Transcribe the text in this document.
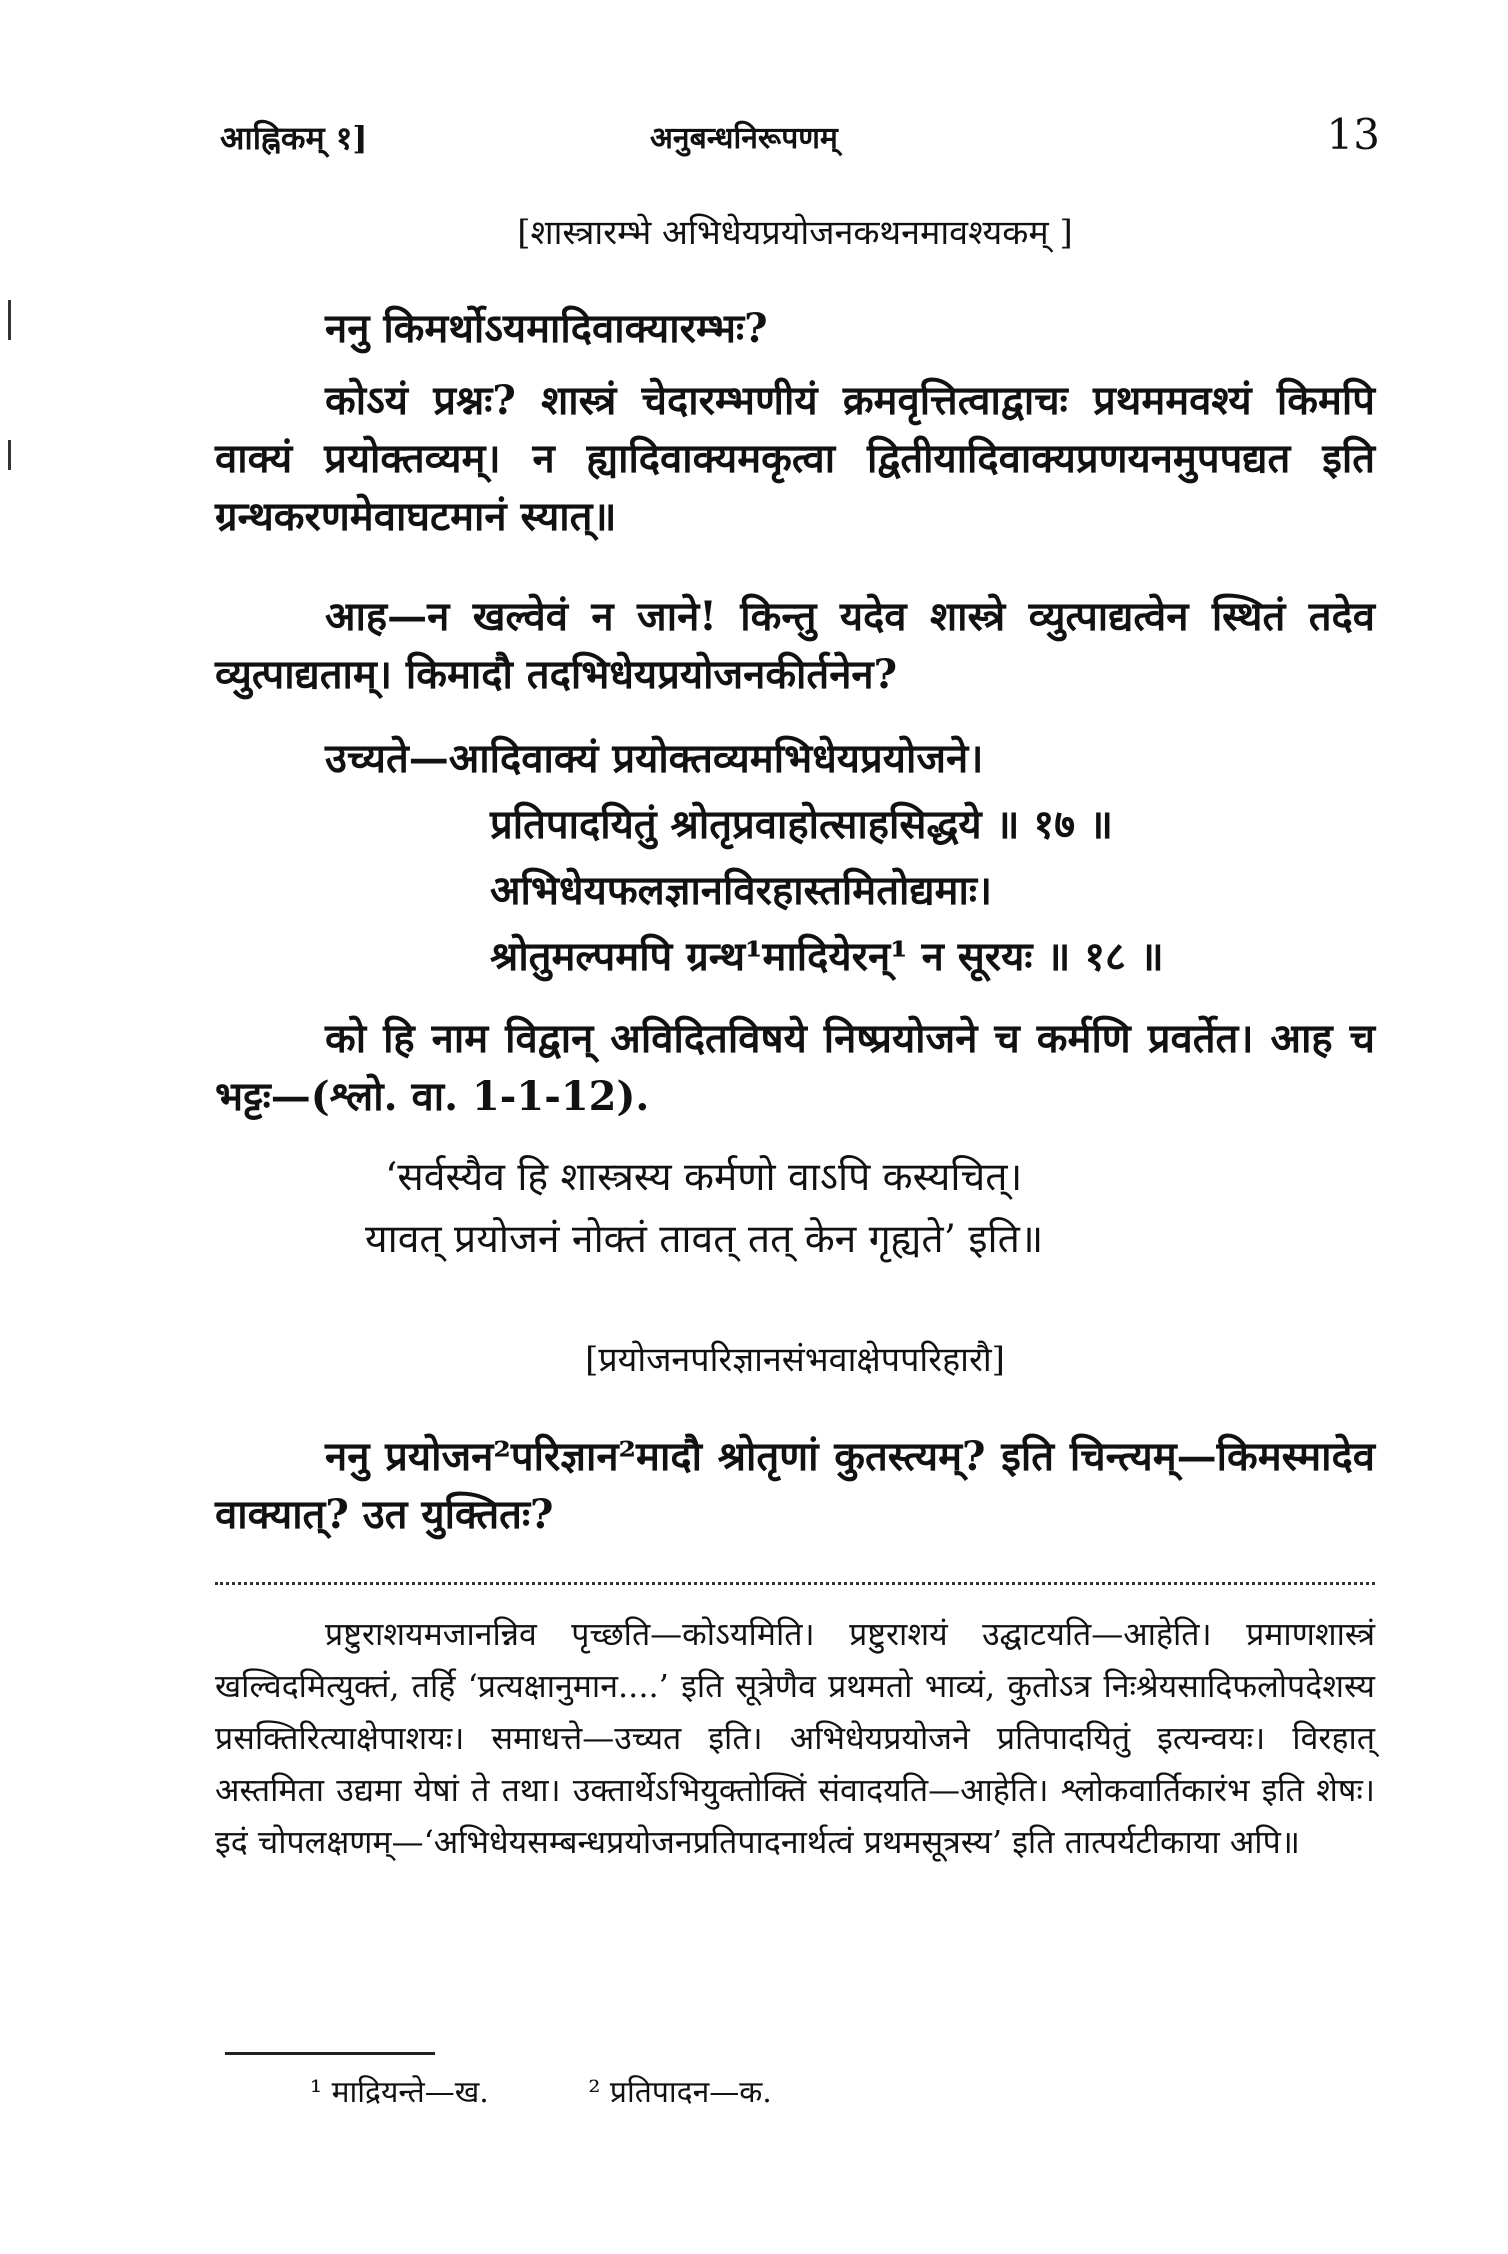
आह्निकम् १]	अनुबन्धनिरूपणम्	13
[शास्त्रारम्भे अभिधेयप्रयोजनकथनमावश्यकम् ]

ननु किमर्थोऽयमादिवाक्यारम्भः?

कोऽयं प्रश्नः? शास्त्रं चेदारम्भणीयं क्रमवृत्तित्वाद्वाचः प्रथममवश्यं किमपि वाक्यं प्रयोक्तव्यम्। न ह्यादिवाक्यमकृत्वा द्वितीयादिवाक्यप्रणयनमुपपद्यत इति ग्रन्थकरणमेवाघटमानं स्यात्॥

आह—न खल्वेवं न जाने! किन्तु यदेव शास्त्रे व्युत्पाद्यत्वेन स्थितं तदेव व्युत्पाद्यताम्। किमादौ तदभिधेयप्रयोजनकीर्तनेन?

उच्यते—आदिवाक्यं प्रयोक्तव्यमभिधेयप्रयोजने।
प्रतिपादयितुं श्रोतृप्रवाहोत्साहसिद्धये ॥ १७ ॥
अभिधेयफलज्ञानविरहास्तमितोद्यमाः।
श्रोतुमल्पमपि ग्रन्थ¹मादियेरन्¹ न सूरयः ॥ १८ ॥

को हि नाम विद्वान् अविदितविषये निष्प्रयोजने च कर्मणि प्रवर्तेत। आह च भट्टः—(श्लो. वा. 1-1-12).

‘सर्वस्यैव हि शास्त्रस्य कर्मणो वाऽपि कस्यचित्।
यावत् प्रयोजनं नोक्तं तावत् तत् केन गृह्यते’ इति॥
[प्रयोजनपरिज्ञानसंभवाक्षेपपरिहारौ]

ननु प्रयोजन²परिज्ञान²मादौ श्रोतृणां कुतस्त्यम्? इति चिन्त्यम्—किमस्मादेव वाक्यात्? उत युक्तितः?

प्रष्टुराशयमजानन्निव पृच्छति—कोऽयमिति। प्रष्टुराशयं उद्घाटयति—आहेति। प्रमाणशास्त्रं खल्विदमित्युक्तं, तर्हि ‘प्रत्यक्षानुमान....’ इति सूत्रेणैव प्रथमतो भाव्यं, कुतोऽत्र निःश्रेयसादिफलोपदेशस्य प्रसक्तिरित्याक्षेपाशयः। समाधत्ते—उच्यत इति। अभिधेयप्रयोजने प्रतिपादयितुं इत्यन्वयः। विरहात् अस्तमिता उद्यमा येषां ते तथा। उक्तार्थेऽभियुक्तोक्तिं संवादयति—आहेति। श्लोकवार्तिकारंभ इति शेषः। इदं चोपलक्षणम्—‘अभिधेयसम्बन्धप्रयोजनप्रतिपादनार्थत्वं प्रथमसूत्रस्य’ इति तात्पर्यटीकाया अपि॥

¹ माद्रियन्ते—ख.	² प्रतिपादन—क.
